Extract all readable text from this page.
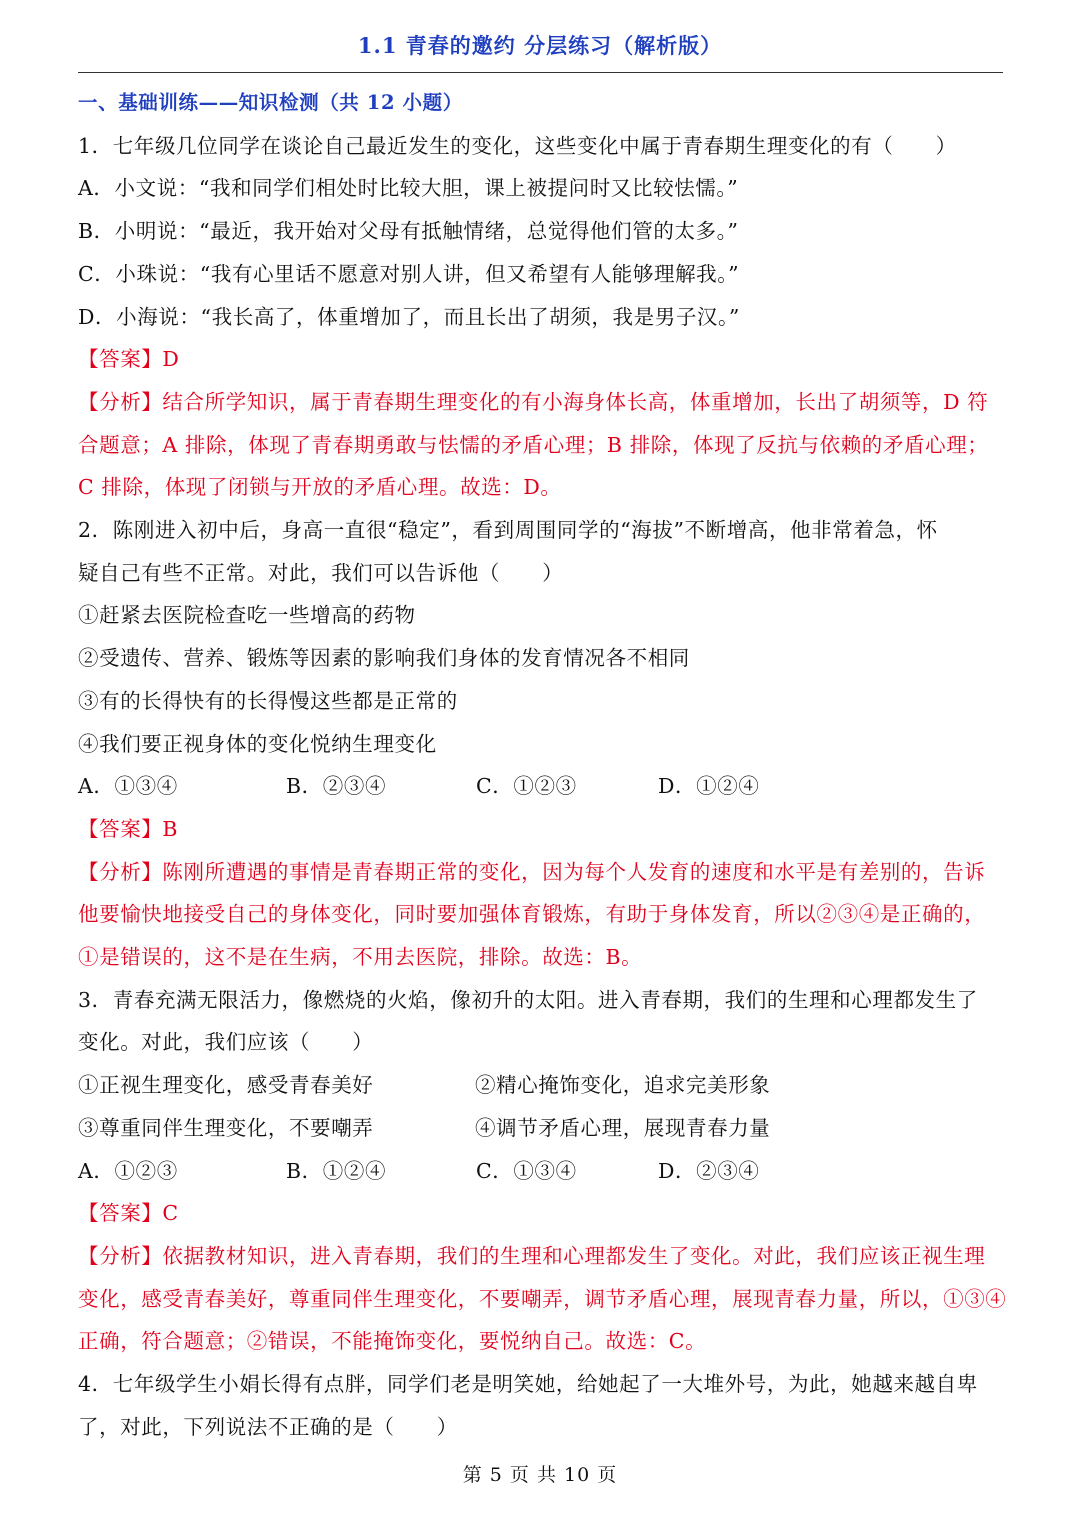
1.1 青春的邀约 分层练习（解析版）
一、基础训练——知识检测（共 12 小题）
1．七年级几位同学在谈论自己最近发生的变化，这些变化中属于青春期生理变化的有（　　）
A．小文说：“我和同学们相处时比较大胆，课上被提问时又比较怯懦。”
B．小明说：“最近，我开始对父母有抵触情绪，总觉得他们管的太多。”
C．小珠说：“我有心里话不愿意对别人讲，但又希望有人能够理解我。”
D．小海说：“我长高了，体重增加了，而且长出了胡须，我是男子汉。”
【答案】D
【分析】结合所学知识，属于青春期生理变化的有小海身体长高，体重增加，长出了胡须等，D 符
合题意；A 排除，体现了青春期勇敢与怯懦的矛盾心理；B 排除，体现了反抗与依赖的矛盾心理；
C 排除，体现了闭锁与开放的矛盾心理。故选：D。
2．陈刚进入初中后，身高一直很“稳定”，看到周围同学的“海拔”不断增高，他非常着急，怀
疑自己有些不正常。对此，我们可以告诉他（　　）
①赶紧去医院检查吃一些增高的药物
②受遗传、营养、锻炼等因素的影响我们身体的发育情况各不相同
③有的长得快有的长得慢这些都是正常的
④我们要正视身体的变化悦纳生理变化
A．①③④	B．②③④	C．①②③	D．①②④
【答案】B
【分析】陈刚所遭遇的事情是青春期正常的变化，因为每个人发育的速度和水平是有差别的，告诉
他要愉快地接受自己的身体变化，同时要加强体育锻炼，有助于身体发育，所以②③④是正确的，
①是错误的，这不是在生病，不用去医院，排除。故选：B。
3．青春充满无限活力，像燃烧的火焰，像初升的太阳。进入青春期，我们的生理和心理都发生了
变化。对此，我们应该（　　）
①正视生理变化，感受青春美好	②精心掩饰变化，追求完美形象
③尊重同伴生理变化，不要嘲弄	④调节矛盾心理，展现青春力量
A．①②③	B．①②④	C．①③④	D．②③④
【答案】C
【分析】依据教材知识，进入青春期，我们的生理和心理都发生了变化。对此，我们应该正视生理
变化，感受青春美好，尊重同伴生理变化，不要嘲弄，调节矛盾心理，展现青春力量，所以，①③④
正确，符合题意；②错误，不能掩饰变化，要悦纳自己。故选：C。
4．七年级学生小娟长得有点胖，同学们老是明笑她，给她起了一大堆外号，为此，她越来越自卑
了，对此，下列说法不正确的是（　　）
第 5 页 共 10 页
